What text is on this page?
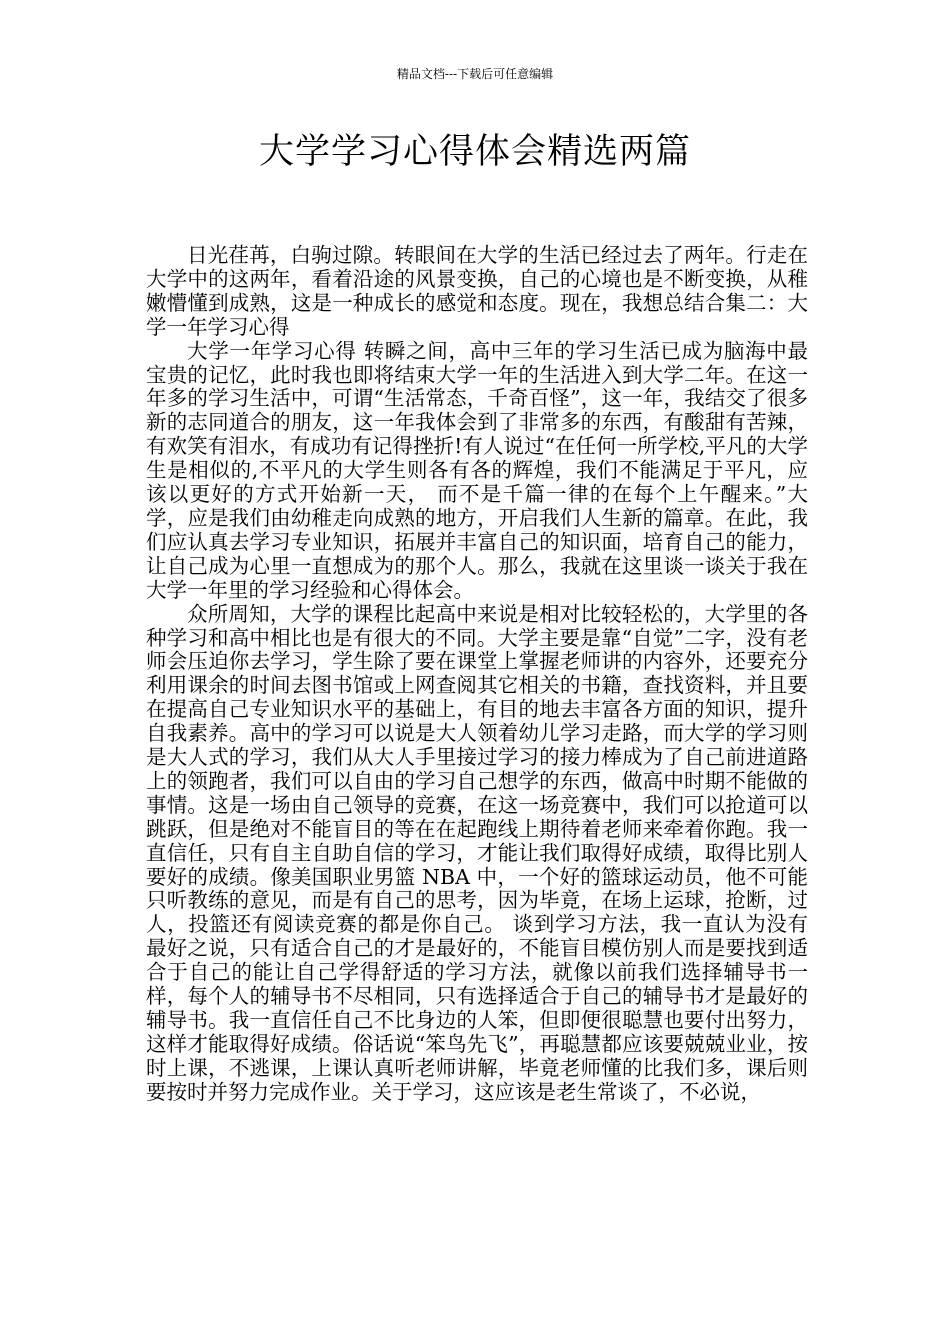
精品文档---下载后可任意编辑
大学学习心得体会精选两篇

日光荏苒，白驹过隙。转眼间在大学的生活已经过去了两年。行走在大学中的这两年，看着沿途的风景变换，自己的心境也是不断变换，从稚嫩懵懂到成熟，这是一种成长的感觉和态度。现在，我想总结合集二：大学一年学习心得

大学一年学习心得 转瞬之间，高中三年的学习生活已成为脑海中最宝贵的记忆，此时我也即将结束大学一年的生活进入到大学二年。在这一年多的学习生活中，可谓“生活常态，千奇百怪”，这一年，我结交了很多新的志同道合的朋友，这一年我体会到了非常多的东西，有酸甜有苦辣，有欢笑有泪水，有成功有记得挫折!有人说过“在任何一所学校,平凡的大学生是相似的,不平凡的大学生则各有各的辉煌，我们不能满足于平凡，应该以更好的方式开始新一天， 而不是千篇一律的在每个上午醒来。”大学，应是我们由幼稚走向成熟的地方，开启我们人生新的篇章。在此，我们应认真去学习专业知识，拓展并丰富自己的知识面，培育自己的能力，让自己成为心里一直想成为的那个人。那么，我就在这里谈一谈关于我在大学一年里的学习经验和心得体会。

众所周知，大学的课程比起高中来说是相对比较轻松的，大学里的各种学习和高中相比也是有很大的不同。大学主要是靠“自觉”二字，没有老师会压迫你去学习，学生除了要在课堂上掌握老师讲的内容外，还要充分利用课余的时间去图书馆或上网查阅其它相关的书籍，查找资料，并且要在提高自己专业知识水平的基础上，有目的地去丰富各方面的知识，提升自我素养。高中的学习可以说是大人领着幼儿学习走路，而大学的学习则是大人式的学习，我们从大人手里接过学习的接力棒成为了自己前进道路上的领跑者，我们可以自由的学习自己想学的东西，做高中时期不能做的事情。这是一场由自己领导的竞赛，在这一场竞赛中，我们可以抢道可以跳跃，但是绝对不能盲目的等在在起跑线上期待着老师来牵着你跑。我一直信任，只有自主自助自信的学习，才能让我们取得好成绩，取得比别人要好的成绩。像美国职业男篮 NBA 中，一个好的篮球运动员，他不可能只听教练的意见，而是有自己的思考，因为毕竟，在场上运球，抢断，过人，投篮还有阅读竞赛的都是你自己。 谈到学习方法，我一直认为没有最好之说，只有适合自己的才是最好的，不能盲目模仿别人而是要找到适合于自己的能让自己学得舒适的学习方法，就像以前我们选择辅导书一样，每个人的辅导书不尽相同，只有选择适合于自己的辅导书才是最好的辅导书。我一直信任自己不比身边的人笨，但即便很聪慧也要付出努力，这样才能取得好成绩。俗话说“笨鸟先飞”，再聪慧都应该要兢兢业业，按时上课，不逃课，上课认真听老师讲解，毕竟老师懂的比我们多，课后则要按时并努力完成作业。关于学习，这应该是老生常谈了，不必说，
